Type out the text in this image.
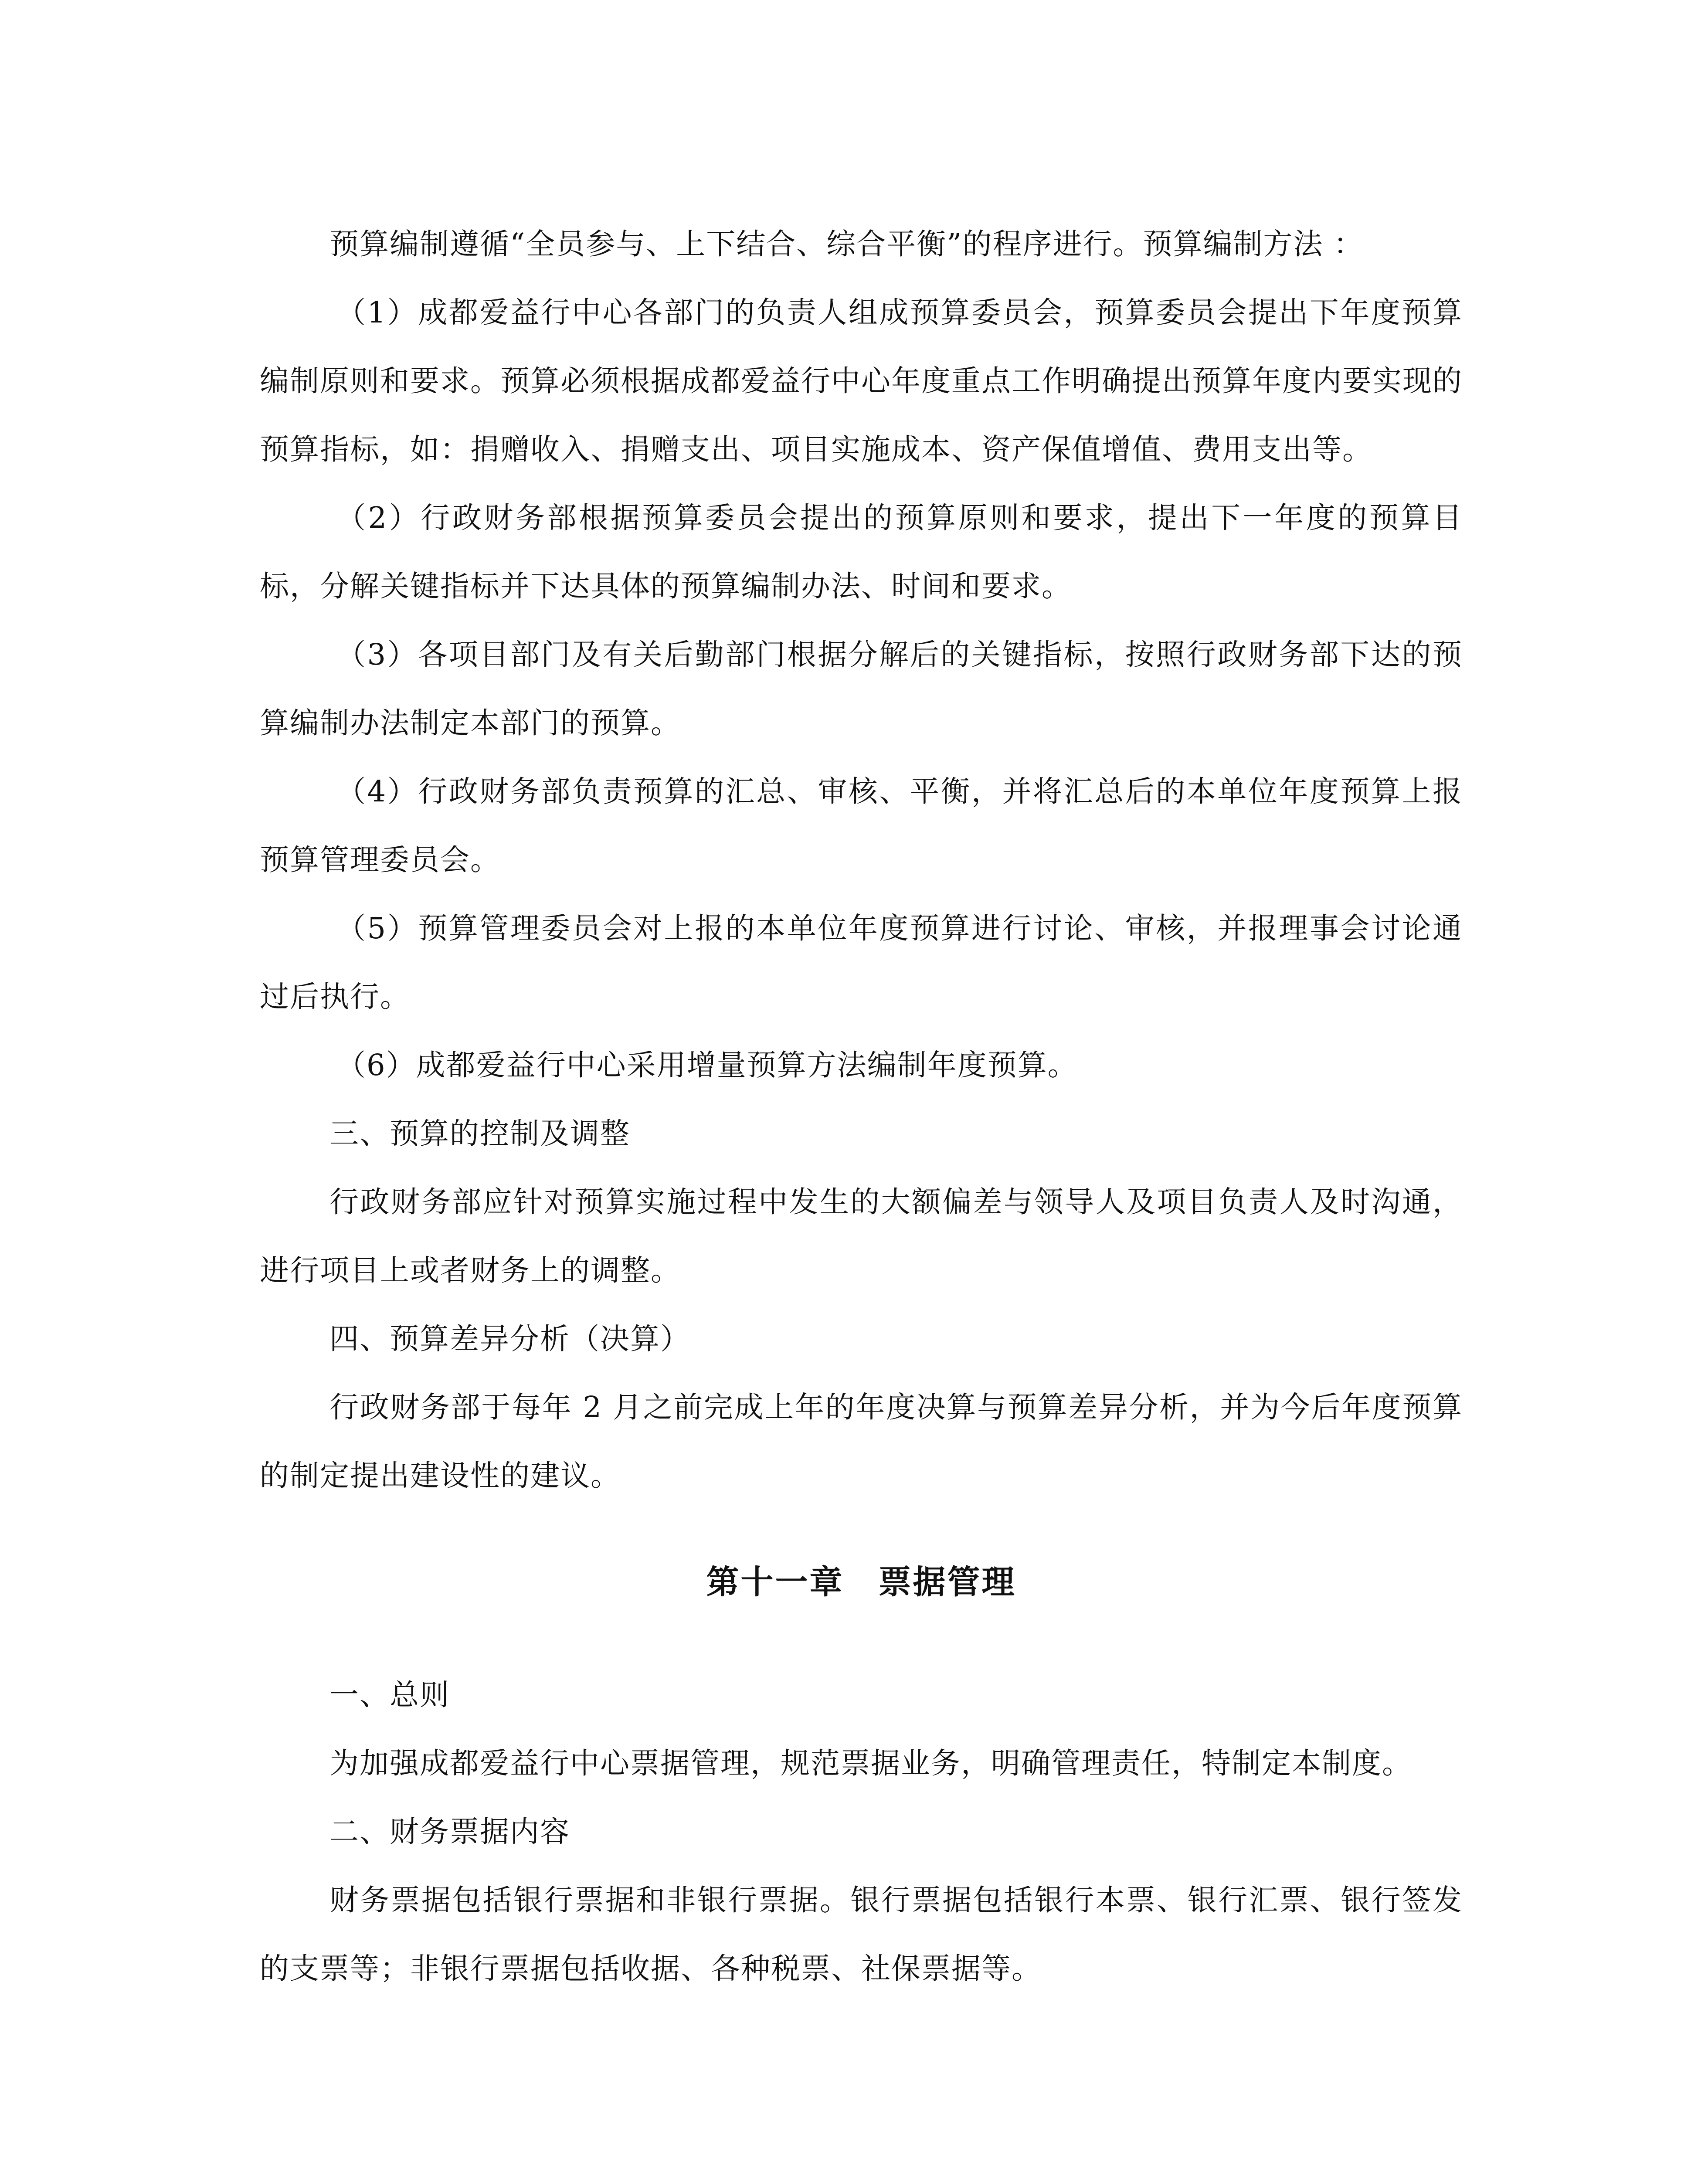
预算编制遵循“全员参与、上下结合、综合平衡”的程序进行。预算编制方法 ：

（1）成都爱益行中心各部门的负责人组成预算委员会，预算委员会提出下年度预算编制原则和要求。预算必须根据成都爱益行中心年度重点工作明确提出预算年度内要实现的预算指标，如：捐赠收入、捐赠支出、项目实施成本、资产保值增值、费用支出等。

（2）行政财务部根据预算委员会提出的预算原则和要求，提出下一年度的预算目标，分解关键指标并下达具体的预算编制办法、时间和要求。

（3）各项目部门及有关后勤部门根据分解后的关键指标，按照行政财务部下达的预算编制办法制定本部门的预算。

（4）行政财务部负责预算的汇总、审核、平衡，并将汇总后的本单位年度预算上报预算管理委员会。

（5）预算管理委员会对上报的本单位年度预算进行讨论、审核，并报理事会讨论通过后执行。

（6）成都爱益行中心采用增量预算方法编制年度预算。

三、预算的控制及调整

行政财务部应针对预算实施过程中发生的大额偏差与领导人及项目负责人及时沟通，进行项目上或者财务上的调整。

四、预算差异分析（决算）

行政财务部于每年 2 月之前完成上年的年度决算与预算差异分析，并为今后年度预算的制定提出建设性的建议。

第十一章　票据管理

一、总则

为加强成都爱益行中心票据管理，规范票据业务，明确管理责任，特制定本制度。

二、财务票据内容

财务票据包括银行票据和非银行票据。银行票据包括银行本票、银行汇票、银行签发的支票等；非银行票据包括收据、各种税票、社保票据等。
